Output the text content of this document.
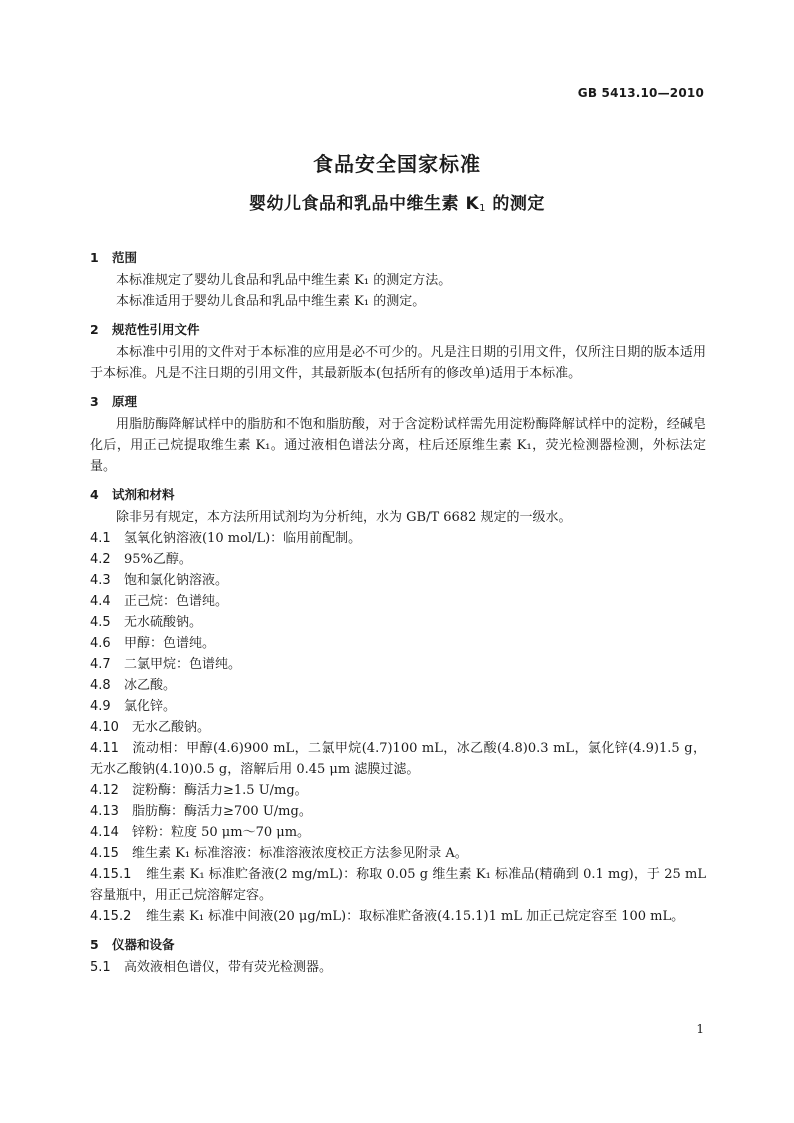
GB 5413.10—2010
食品安全国家标准
婴幼儿食品和乳品中维生素 $K_1$ 的测定
1 范围

本标准规定了婴幼儿食品和乳品中维生素 K₁ 的测定方法。

本标准适用于婴幼儿食品和乳品中维生素 K₁ 的测定。

2 规范性引用文件

本标准中引用的文件对于本标准的应用是必不可少的。凡是注日期的引用文件，仅所注日期的版本适用于本标准。凡是不注日期的引用文件，其最新版本(包括所有的修改单)适用于本标准。

3 原理

用脂肪酶降解试样中的脂肪和不饱和脂肪酸，对于含淀粉试样需先用淀粉酶降解试样中的淀粉，经碱皂化后，用正己烷提取维生素 K₁。通过液相色谱法分离，柱后还原维生素 K₁，荧光检测器检测，外标法定量。

4 试剂和材料

除非另有规定，本方法所用试剂均为分析纯，水为 GB/T 6682 规定的一级水。

4.1 氢氧化钠溶液(10 mol/L)：临用前配制。

4.2 95%乙醇。

4.3 饱和氯化钠溶液。

4.4 正己烷：色谱纯。

4.5 无水硫酸钠。

4.6 甲醇：色谱纯。

4.7 二氯甲烷：色谱纯。

4.8 冰乙酸。

4.9 氯化锌。

4.10 无水乙酸钠。

4.11 流动相：甲醇(4.6)900 mL，二氯甲烷(4.7)100 mL，冰乙酸(4.8)0.3 mL，氯化锌(4.9)1.5 g，无水乙酸钠(4.10)0.5 g，溶解后用 0.45 μm 滤膜过滤。

4.12 淀粉酶：酶活力≥1.5 U/mg。

4.13 脂肪酶：酶活力≥700 U/mg。

4.14 锌粉：粒度 50 μm～70 μm。

4.15 维生素 K₁ 标准溶液：标准溶液浓度校正方法参见附录 A。

4.15.1 维生素 K₁ 标准贮备液(2 mg/mL)：称取 0.05 g 维生素 K₁ 标准品(精确到 0.1 mg)，于 25 mL 容量瓶中，用正己烷溶解定容。

4.15.2 维生素 K₁ 标准中间液(20 μg/mL)：取标准贮备液(4.15.1)1 mL 加正己烷定容至 100 mL。

5 仪器和设备

5.1 高效液相色谱仪，带有荧光检测器。

1
